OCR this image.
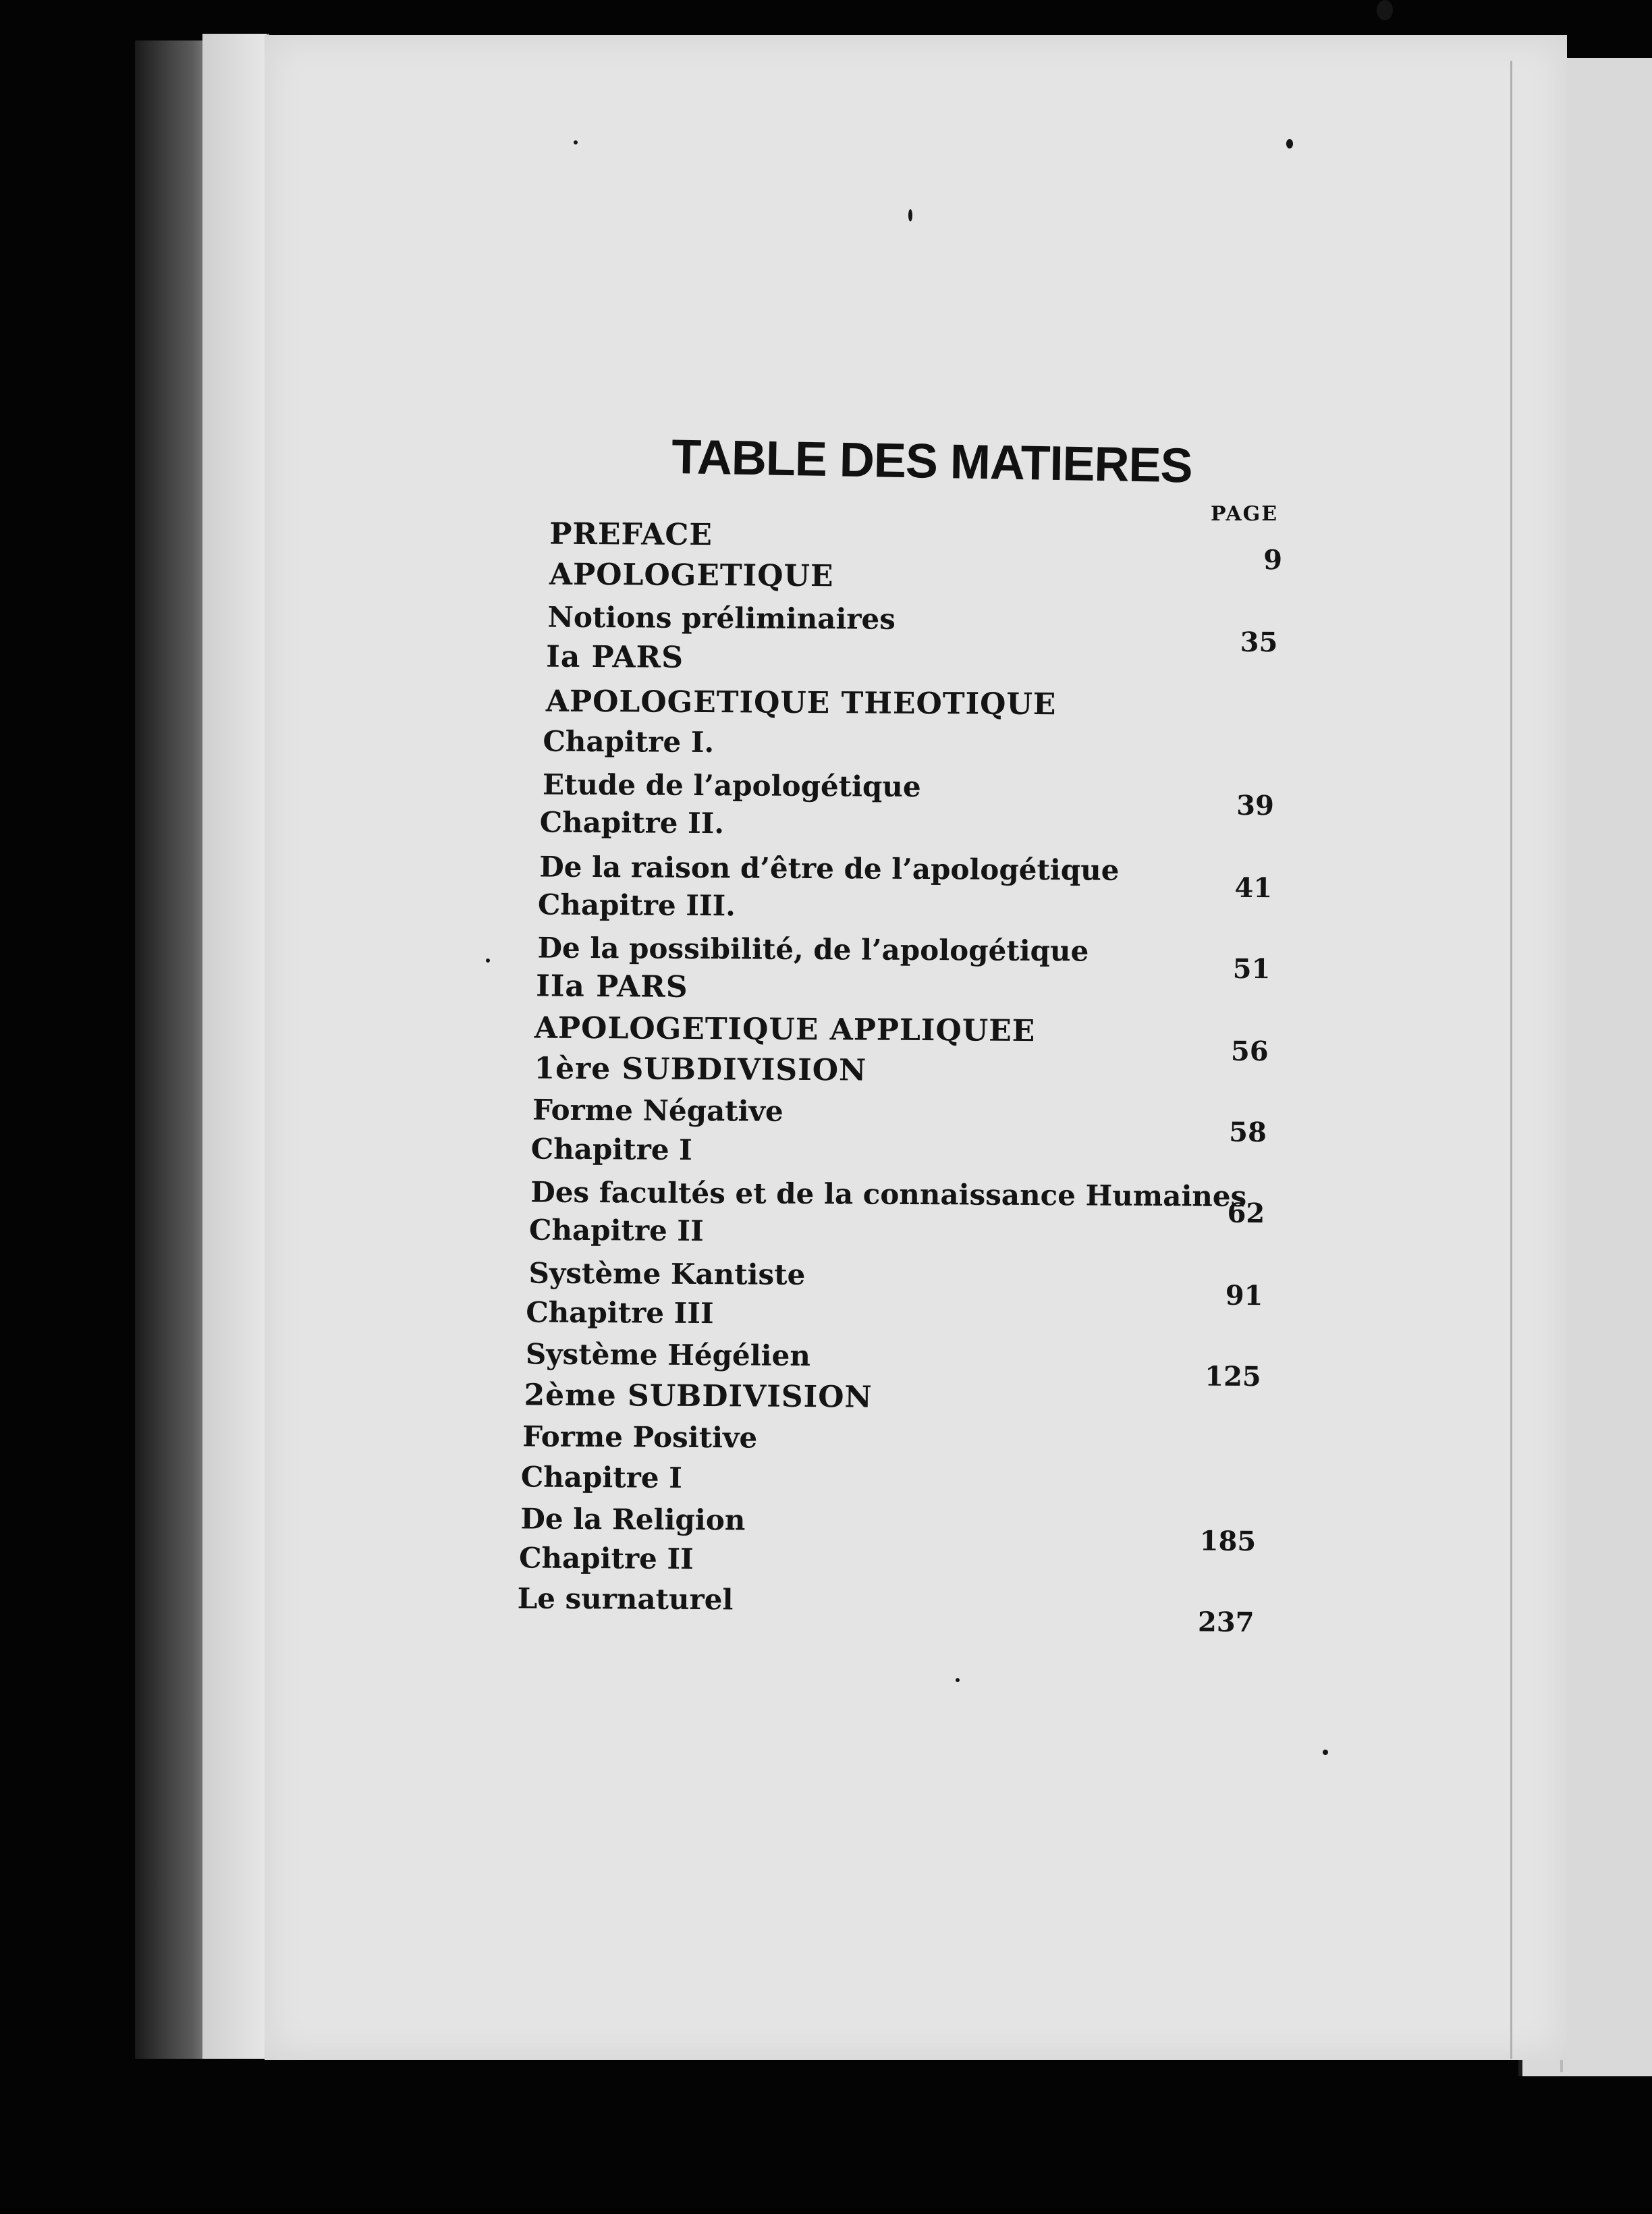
TABLE DES MATIERES
PAGE
PREFACE
APOLOGETIQUE
Notions préliminaires
Ia PARS
APOLOGETIQUE THEOTIQUE
Chapitre I.
Etude de l’apologétique
Chapitre II.
De la raison d’être de l’apologétique
Chapitre III.
De la possibilité, de l’apologétique
IIa PARS
APOLOGETIQUE APPLIQUEE
1ère SUBDIVISION
Forme Négative
Chapitre I
Des facultés et de la connaissance Humaines
Chapitre II
Système Kantiste
Chapitre III
Système Hégélien
2ème SUBDIVISION
Forme Positive
Chapitre I
De la Religion
Chapitre II
Le surnaturel
9
35
39
41
51
56
58
62
91
125
185
237
